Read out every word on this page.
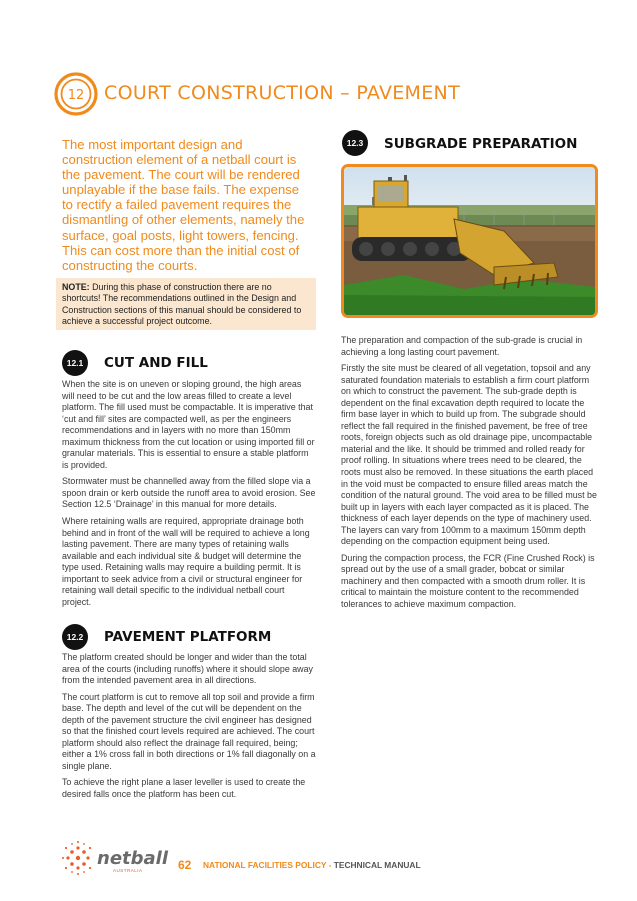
12 COURT CONSTRUCTION – PAVEMENT
The most important design and construction element of a netball court is the pavement. The court will be rendered unplayable if the base fails. The expense to rectify a failed pavement requires the dismantling of other elements, namely the surface, goal posts, light towers, fencing. This can cost more than the initial cost of constructing the courts.
NOTE: During this phase of construction there are no shortcuts! The recommendations outlined in the Design and Construction sections of this manual should be considered to achieve a successful project outcome.
12.1	CUT AND FILL

When the site is on uneven or sloping ground, the high areas will need to be cut and the low areas filled to create a level platform. The fill used must be compactable. It is imperative that ‘cut and fill’ sites are compacted well, as per the engineers recommendations and in layers with no more than 150mm maximum thickness from the cut location or using imported fill or granular materials. This is essential to ensure a stable platform is provided.

Stormwater must be channelled away from the filled slope via a spoon drain or kerb outside the runoff area to avoid erosion. See Section 12.5 ‘Drainage’ in this manual for more details.

Where retaining walls are required, appropriate drainage both behind and in front of the wall will be required to achieve a long lasting pavement. There are many types of retaining walls available and each individual site & budget will determine the type used. Retaining walls may require a building permit. It is important to seek advice from a civil or structural engineer for retaining wall detail specific to the individual netball court project.

12.2	PAVEMENT PLATFORM

The platform created should be longer and wider than the total area of the courts (including runoffs) where it should slope away from the intended pavement area in all directions.

The court platform is cut to remove all top soil and provide a firm base. The depth and level of the cut will be dependent on the depth of the pavement structure the civil engineer has designed so that the finished court levels required are achieved. The court platform should also reflect the drainage fall required, being; either a 1% cross fall in both directions or 1% fall diagonally on a single plane.

To achieve the right plane a laser leveller is used to create the desired falls once the platform has been cut.

12.3	SUBGRADE PREPARATION

The preparation and compaction of the sub-grade is crucial in achieving a long lasting court pavement.

Firstly the site must be cleared of all vegetation, topsoil and any saturated foundation materials to establish a firm court platform on which to construct the pavement. The sub-grade depth is dependent on the final excavation depth required to locate the firm base layer in which to build up from. The subgrade should reflect the fall required in the finished pavement, be free of tree roots, foreign objects such as old drainage pipe, uncompactable material and the like. It should be trimmed and rolled ready for proof rolling. In situations where trees need to be cleared, the roots must also be removed. In these situations the earth placed in the void must be compacted to ensure filled areas match the condition of the natural ground. The void area to be filled must be built up in layers with each layer compacted as it is placed. The thickness of each layer depends on the type of machinery used. The layers can vary from 100mm to a maximum 150mm depth depending on the compaction equipment being used.

During the compaction process, the FCR (Fine Crushed Rock) is spread out by the use of a small grader, bobcat or similar machinery and then compacted with a smooth drum roller. It is critical to maintain the moisture content to the recommended tolerances to achieve maximum compaction.

netball
AUSTRALIA	62 NATIONAL FACILITIES POLICY - TECHNICAL MANUAL
